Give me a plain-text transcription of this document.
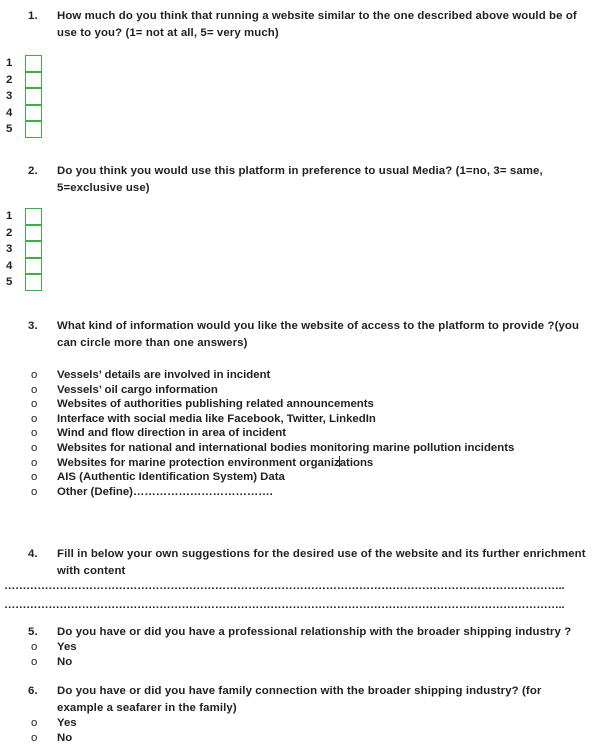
1.	How much do you think that running a website similar to the one described above would be of use to you? (1= not at all, 5= very much)
1
2
3
4
5
2.	Do you think you would use this platform in preference to usual Media? (1=no, 3= same, 5=exclusive use)
1
2
3
4
5
3.	What kind of information would you like the website of access to the platform to provide ?(you can circle more than one answers)
o Vessels’ details are involved in incident
o Vessels’ oil cargo information
o Websites of authorities publishing related announcements
o Interface with social media like Facebook, Twitter, LinkedIn
o Wind and flow direction in area of incident
o Websites for national and international bodies monitoring marine pollution incidents
o Websites for marine protection environment organizations
o AIS (Authentic Identification System) Data
o Other (Define)……………………………….
4.	Fill in below your own suggestions for the desired use of the website and its further enrichment with content
……………………………………………………………………………………………………………………………………..
……………………………………………………………………………………………………………………………………..
5.	Do you have or did you have a professional relationship with the broader shipping industry ?
o Yes
o No
6.	Do you have or did you have family connection with the broader shipping industry? (for example a seafarer in the family)
o Yes
o No
